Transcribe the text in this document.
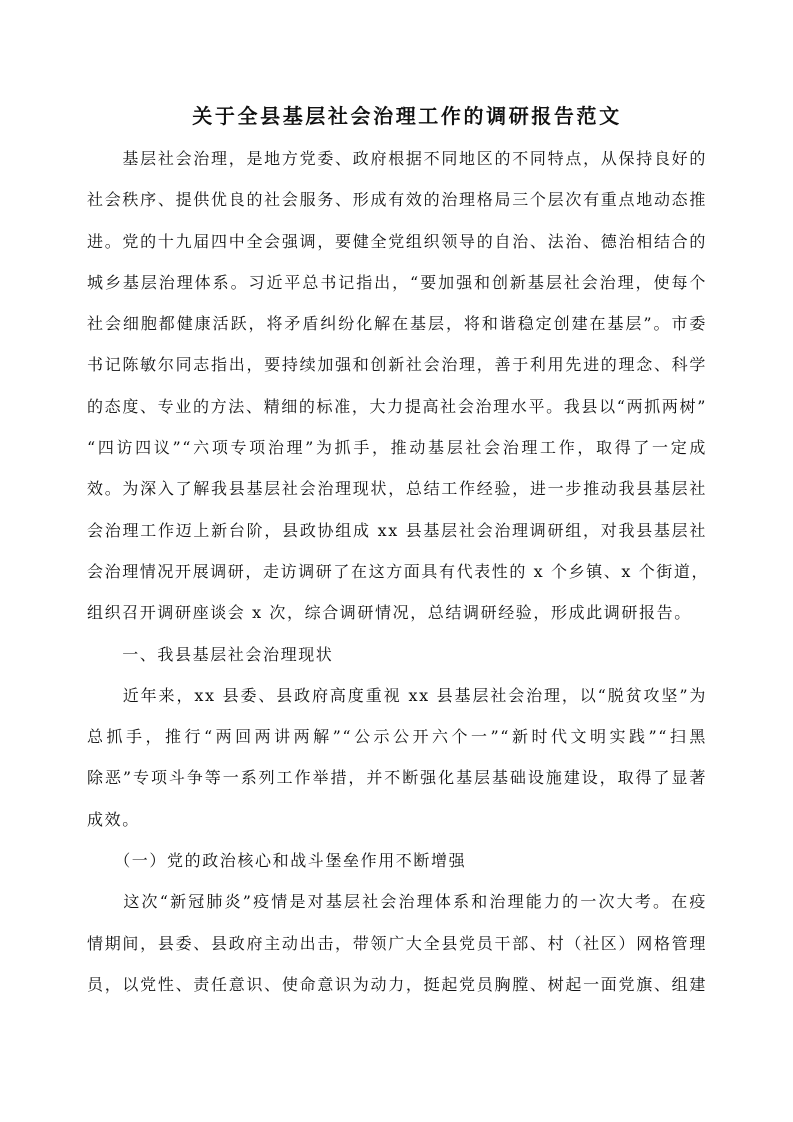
关于全县基层社会治理工作的调研报告范文
　　基层社会治理，是地方党委、政府根据不同地区的不同特点，从保持良好的
社会秩序、提供优良的社会服务、形成有效的治理格局三个层次有重点地动态推
进。党的十九届四中全会强调，要健全党组织领导的自治、法治、德治相结合的
城乡基层治理体系。习近平总书记指出，“要加强和创新基层社会治理，使每个
社会细胞都健康活跃，将矛盾纠纷化解在基层，将和谐稳定创建在基层”。市委
书记陈敏尔同志指出，要持续加强和创新社会治理，善于利用先进的理念、科学
的态度、专业的方法、精细的标准，大力提高社会治理水平。我县以“两抓两树”
“四访四议”“六项专项治理”为抓手，推动基层社会治理工作，取得了一定成
效。为深入了解我县基层社会治理现状，总结工作经验，进一步推动我县基层社
会治理工作迈上新台阶，县政协组成 xx 县基层社会治理调研组，对我县基层社
会治理情况开展调研，走访调研了在这方面具有代表性的 x 个乡镇、x 个街道，
组织召开调研座谈会 x 次，综合调研情况，总结调研经验，形成此调研报告。
　　一、我县基层社会治理现状
　　近年来，xx 县委、县政府高度重视 xx 县基层社会治理，以“脱贫攻坚”为
总抓手，推行“两回两讲两解”“公示公开六个一”“新时代文明实践”“扫黑
除恶”专项斗争等一系列工作举措，并不断强化基层基础设施建设，取得了显著
成效。
　　（一）党的政治核心和战斗堡垒作用不断增强
　　这次“新冠肺炎”疫情是对基层社会治理体系和治理能力的一次大考。在疫
情期间，县委、县政府主动出击，带领广大全县党员干部、村（社区）网格管理
员，以党性、责任意识、使命意识为动力，挺起党员胸膛、树起一面党旗、组建
